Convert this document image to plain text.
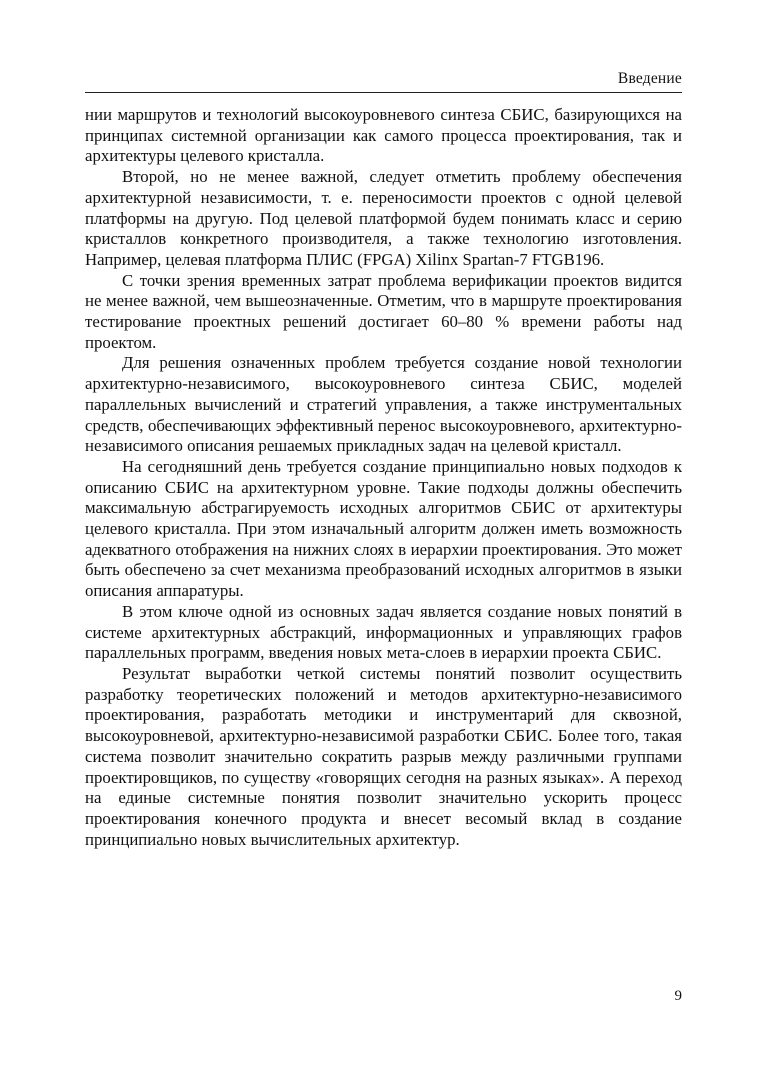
Введение

нии маршрутов и технологий высокоуровневого синтеза СБИС, базирующихся на принципах системной организации как самого процесса проектирования, так и архитектуры целевого кристалла.

Второй, но не менее важной, следует отметить проблему обеспечения архитектурной независимости, т. е. переносимости проектов с одной целевой платформы на другую. Под целевой платформой будем понимать класс и серию кристаллов конкретного производителя, а также технологию изготовления. Например, целевая платформа ПЛИС (FPGA) Xilinx Spartan-7 FTGB196.

С точки зрения временных затрат проблема верификации проектов видится не менее важной, чем вышеозначенные. Отметим, что в маршруте проектирования тестирование проектных решений достигает 60–80 % времени работы над проектом.

Для решения означенных проблем требуется создание новой технологии архитектурно-независимого, высокоуровневого синтеза СБИС, моделей параллельных вычислений и стратегий управления, а также инструментальных средств, обеспечивающих эффективный перенос высокоуровневого, архитектурно-независимого описания решаемых прикладных задач на целевой кристалл.

На сегодняшний день требуется создание принципиально новых подходов к описанию СБИС на архитектурном уровне. Такие подходы должны обеспечить максимальную абстрагируемость исходных алгоритмов СБИС от архитектуры целевого кристалла. При этом изначальный алгоритм должен иметь возможность адекватного отображения на нижних слоях в иерархии проектирования. Это может быть обеспечено за счет механизма преобразований исходных алгоритмов в языки описания аппаратуры.

В этом ключе одной из основных задач является создание новых понятий в системе архитектурных абстракций, информационных и управляющих графов параллельных программ, введения новых мета-слоев в иерархии проекта СБИС.

Результат выработки четкой системы понятий позволит осуществить разработку теоретических положений и методов архитектурно-независимого проектирования, разработать методики и инструментарий для сквозной, высокоуровневой, архитектурно-независимой разработки СБИС. Более того, такая система позволит значительно сократить разрыв между различными группами проектировщиков, по существу «говорящих сегодня на разных языках». А переход на единые системные понятия позволит значительно ускорить процесс проектирования конечного продукта и внесет весомый вклад в создание принципиально новых вычислительных архитектур.

9
